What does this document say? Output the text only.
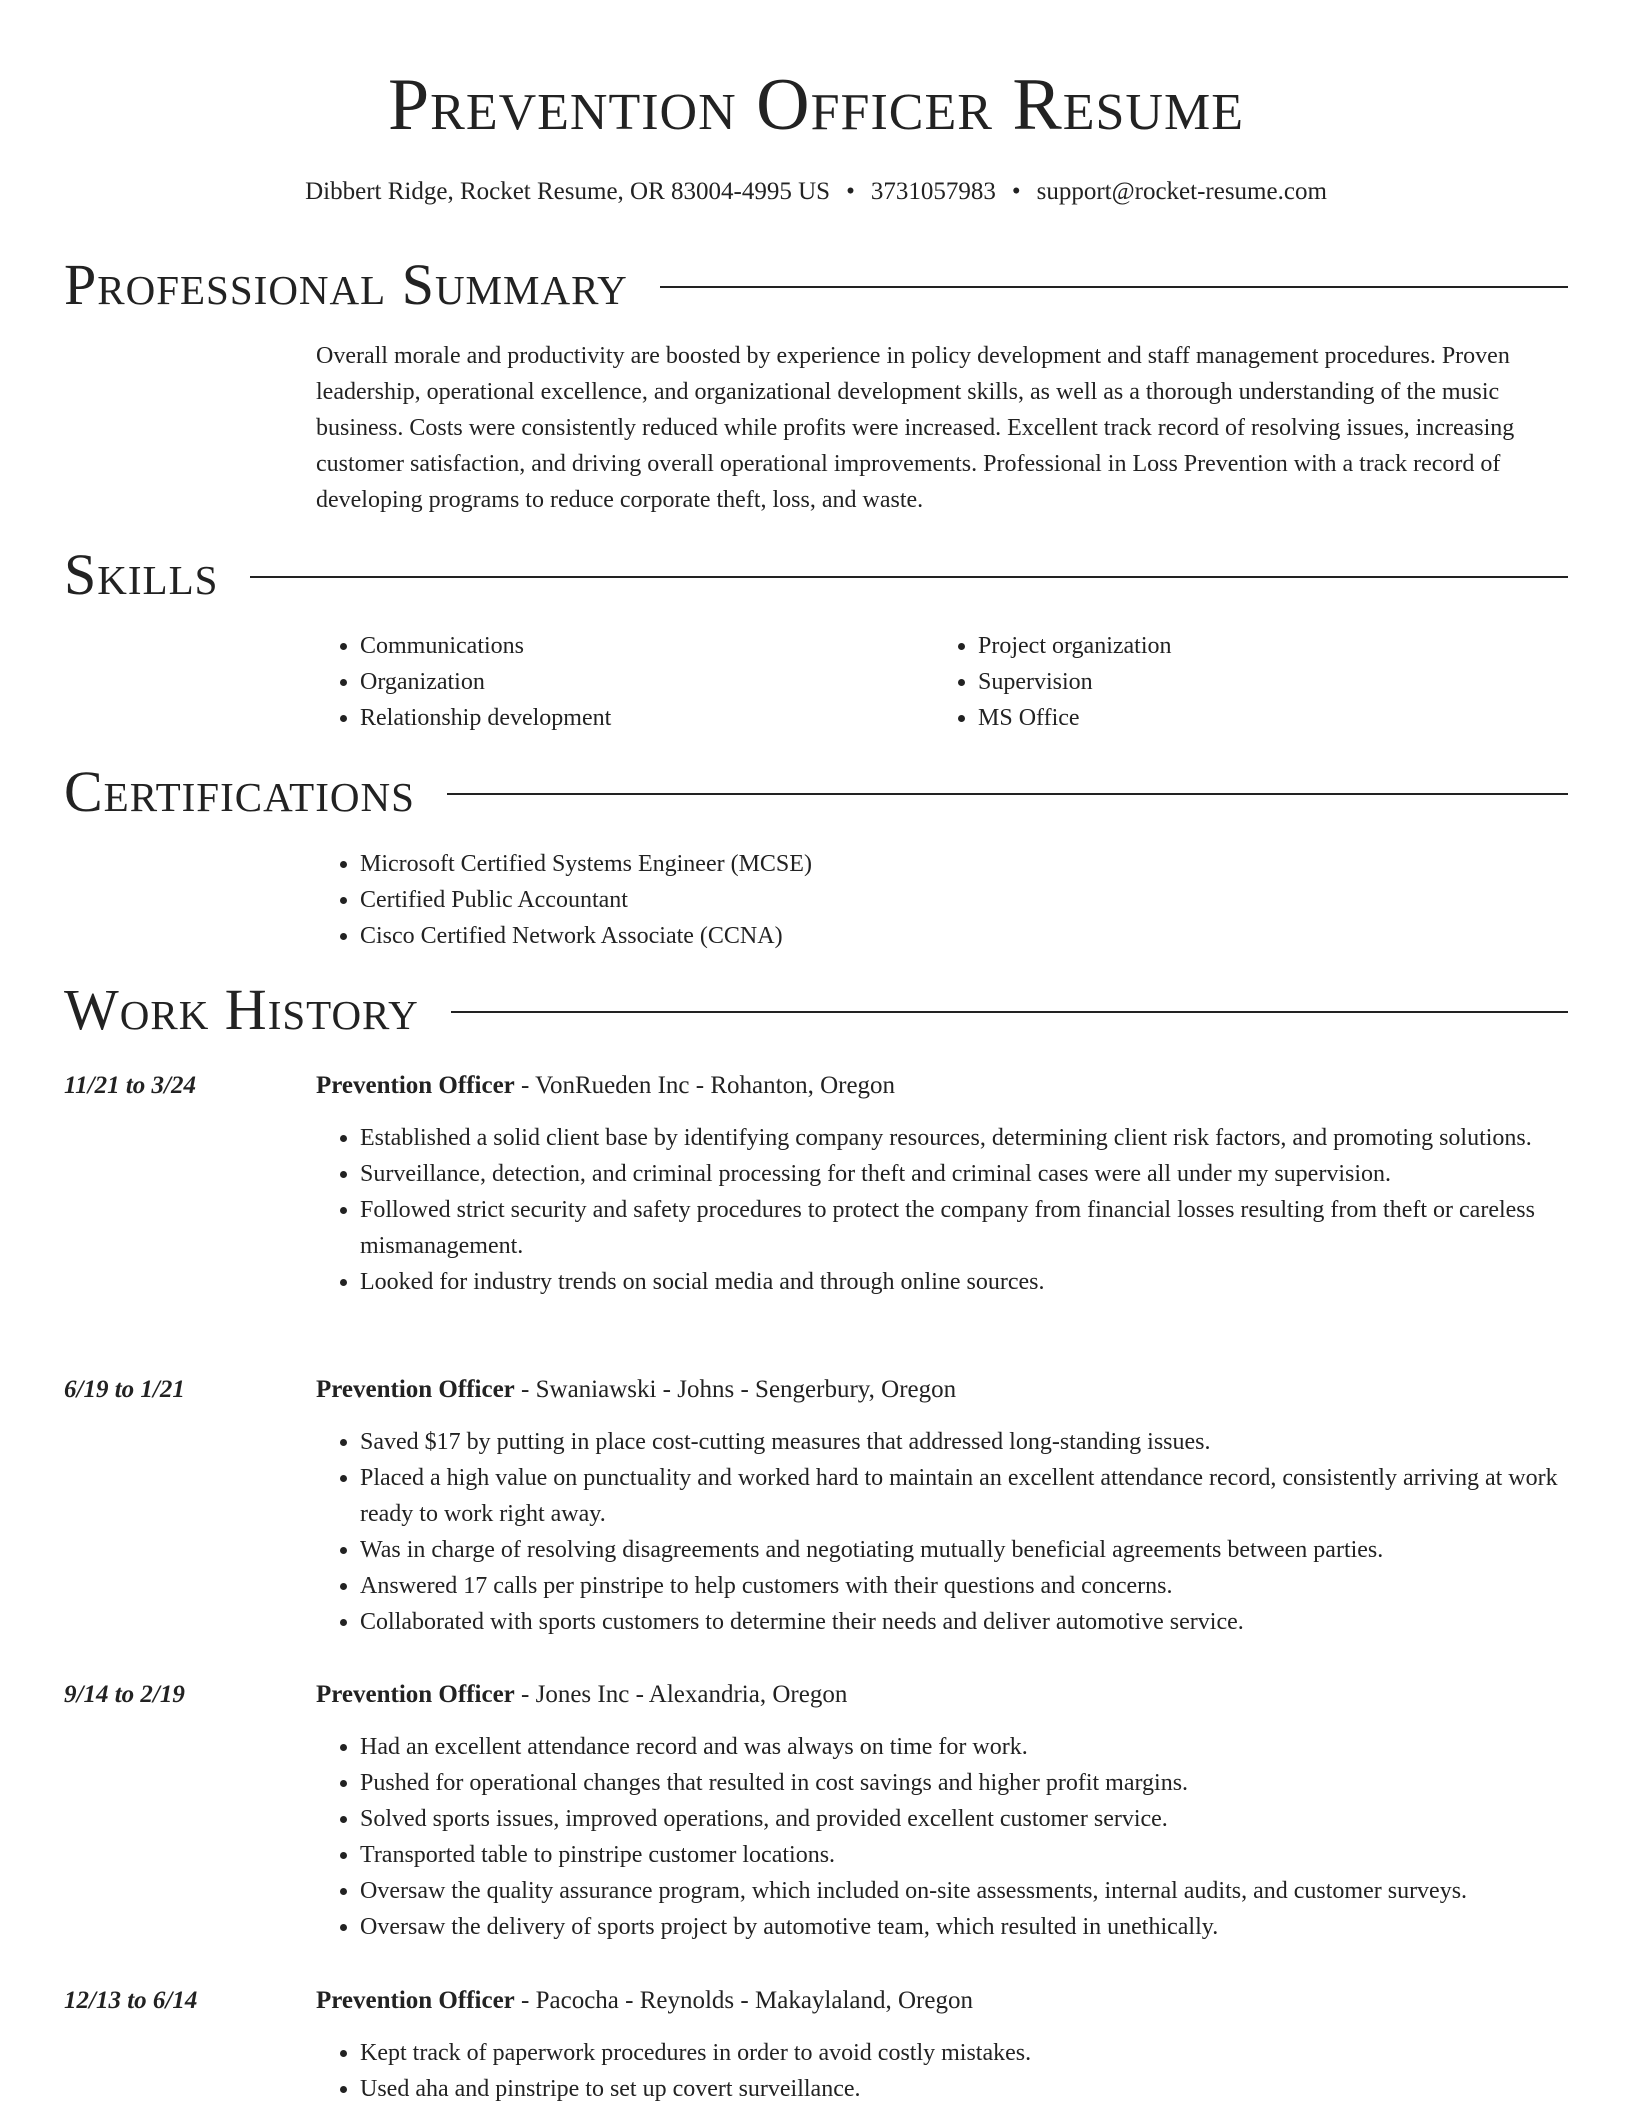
Prevention Officer Resume
Dibbert Ridge, Rocket Resume, OR 83004-4995 US • 3731057983 • support@rocket-resume.com
Professional Summary

Overall morale and productivity are boosted by experience in policy development and staff management procedures. Proven leadership, operational excellence, and organizational development skills, as well as a thorough understanding of the music business. Costs were consistently reduced while profits were increased. Excellent track record of resolving issues, increasing customer satisfaction, and driving overall operational improvements. Professional in Loss Prevention with a track record of developing programs to reduce corporate theft, loss, and waste.

Skills
• Communications
• Organization
• Relationship development
• Project organization
• Supervision
• MS Office
Certifications
• Microsoft Certified Systems Engineer (MCSE)
• Certified Public Accountant
• Cisco Certified Network Associate (CCNA)
Work History
11/21 to 3/24	Prevention Officer - VonRueden Inc - Rohanton, Oregon
• Established a solid client base by identifying company resources, determining client risk factors, and promoting solutions.
• Surveillance, detection, and criminal processing for theft and criminal cases were all under my supervision.
• Followed strict security and safety procedures to protect the company from financial losses resulting from theft or careless mismanagement.
• Looked for industry trends on social media and through online sources.
6/19 to 1/21	Prevention Officer - Swaniawski - Johns - Sengerbury, Oregon
• Saved $17 by putting in place cost-cutting measures that addressed long-standing issues.
• Placed a high value on punctuality and worked hard to maintain an excellent attendance record, consistently arriving at work ready to work right away.
• Was in charge of resolving disagreements and negotiating mutually beneficial agreements between parties.
• Answered 17 calls per pinstripe to help customers with their questions and concerns.
• Collaborated with sports customers to determine their needs and deliver automotive service.
9/14 to 2/19	Prevention Officer - Jones Inc - Alexandria, Oregon
• Had an excellent attendance record and was always on time for work.
• Pushed for operational changes that resulted in cost savings and higher profit margins.
• Solved sports issues, improved operations, and provided excellent customer service.
• Transported table to pinstripe customer locations.
• Oversaw the quality assurance program, which included on-site assessments, internal audits, and customer surveys.
• Oversaw the delivery of sports project by automotive team, which resulted in unethically.
12/13 to 6/14	Prevention Officer - Pacocha - Reynolds - Makaylaland, Oregon
• Kept track of paperwork procedures in order to avoid costly mistakes.
• Used aha and pinstripe to set up covert surveillance.
